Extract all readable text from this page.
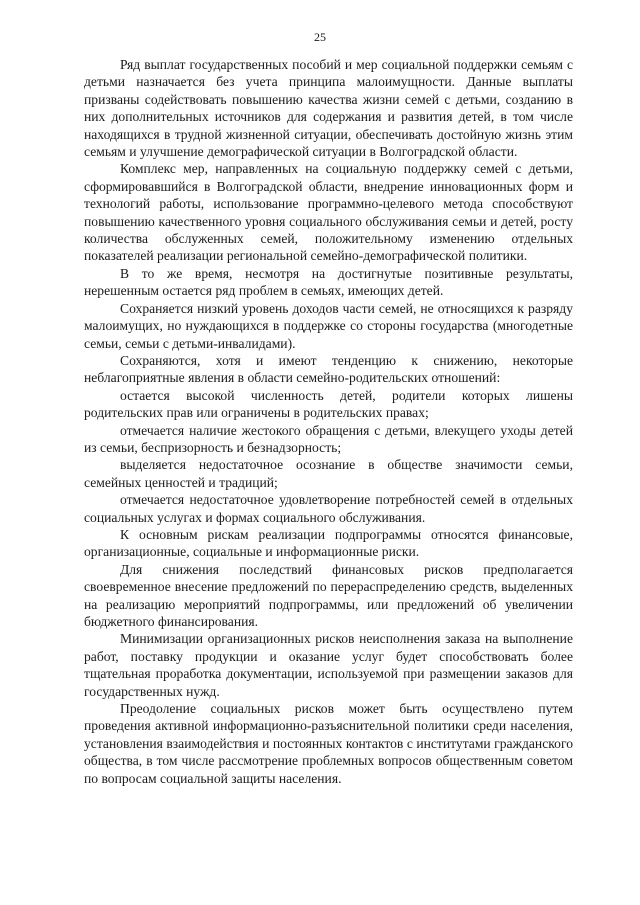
25

Ряд выплат государственных пособий и мер социальной поддержки семьям с детьми назначается без учета принципа малоимущности. Данные выплаты призваны содействовать повышению качества жизни семей с детьми, созданию в них дополнительных источников для содержания и развития детей, в том числе находящихся в трудной жизненной ситуации, обеспечивать достойную жизнь этим семьям и улучшение демографической ситуации в Волгоградской области.

Комплекс мер, направленных на социальную поддержку семей с детьми, сформировавшийся в Волгоградской области, внедрение инновационных форм и технологий работы, использование программно-целевого метода способствуют повышению качественного уровня социального обслуживания семьи и детей, росту количества обслуженных семей, положительному изменению отдельных показателей реализации региональной семейно-демографической политики.

В то же время, несмотря на достигнутые позитивные результаты, нерешенным остается ряд проблем в семьях, имеющих детей.

Сохраняется низкий уровень доходов части семей, не относящихся к разряду малоимущих, но нуждающихся в поддержке со стороны государства (многодетные семьи, семьи с детьми-инвалидами).

Сохраняются, хотя и имеют тенденцию к снижению, некоторые неблагоприятные явления в области семейно-родительских отношений:

остается высокой численность детей, родители которых лишены родительских прав или ограничены в родительских правах;

отмечается наличие жестокого обращения с детьми, влекущего уходы детей из семьи, беспризорность и безнадзорность;

выделяется недостаточное осознание в обществе значимости семьи, семейных ценностей и традиций;

отмечается недостаточное удовлетворение потребностей семей в отдельных социальных услугах и формах социального обслуживания.

К основным рискам реализации подпрограммы относятся финансовые, организационные, социальные и информационные риски.

Для снижения последствий финансовых рисков предполагается своевременное внесение предложений по перераспределению средств, выделенных на реализацию мероприятий подпрограммы, или предложений об увеличении бюджетного финансирования.

Минимизации организационных рисков неисполнения заказа на выполнение работ, поставку продукции и оказание услуг будет способствовать более тщательная проработка документации, используемой при размещении заказов для государственных нужд.

Преодоление социальных рисков может быть осуществлено путем проведения активной информационно-разъяснительной политики среди населения, установления взаимодействия и постоянных контактов с институтами гражданского общества, в том числе рассмотрение проблемных вопросов общественным советом по вопросам социальной защиты населения.
